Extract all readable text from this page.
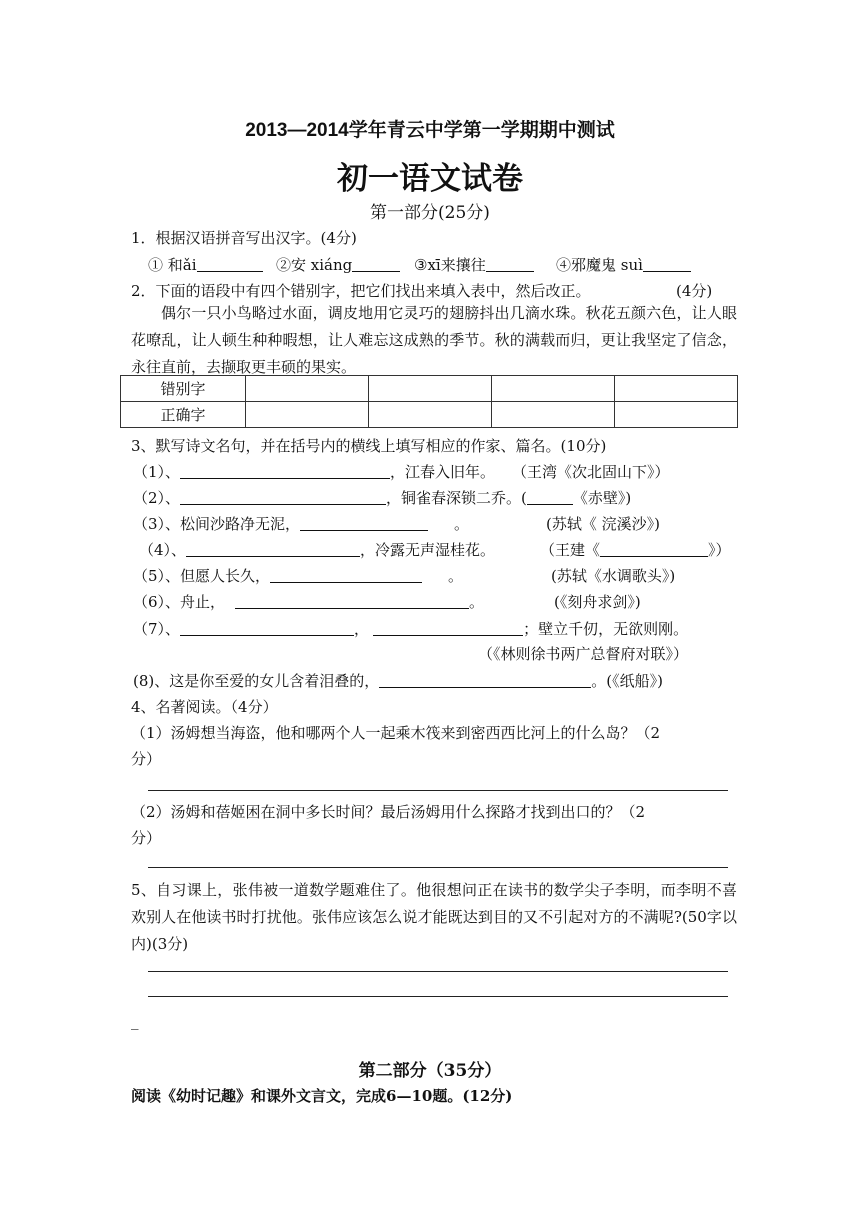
2013—2014学年青云中学第一学期期中测试
初一语文试卷
第一部分(25分)
1．根据汉语拼音写出汉字。(4分)
① 和ǎi	②安 xiáng	③xī来攘往	④邪魔鬼 suì
2．下面的语段中有四个错别字，把它们找出来填入表中，然后改正。	(4分)
偶尔一只小鸟略过水面，调皮地用它灵巧的翅膀抖出几滴水珠。秋花五颜六色，让人眼花嘹乱，让人顿生种种暇想，让人难忘这成熟的季节。秋的满载而归，更让我坚定了信念，永往直前，去撷取更丰硕的果实。
错别字				
正确字				
3、默写诗文名句，并在括号内的横线上填写相应的作家、篇名。(10分)
（1）、	，江春入旧年。 （王湾《次北固山下》）
（2）、	，铜雀春深锁二乔。(	《赤壁》)
（3）、松间沙路净无泥，	。	(苏轼《 浣溪沙》)
（4）、	，冷露无声湿桂花。	（王建《	》）
（5）、但愿人长久，	。	(苏轼《水调歌头》)
（6）、舟止，	。	(《刻舟求剑》)
（7）、	，	；壁立千仞，无欲则刚。
（《林则徐书两广总督府对联》）
(8)、这是你至爱的女儿含着泪叠的，	。(《纸船》)
4、名著阅读。（4分）
（1）汤姆想当海盗，他和哪两个人一起乘木筏来到密西西比河上的什么岛？（2
分）
（2）汤姆和蓓姬困在洞中多长时间？最后汤姆用什么探路才找到出口的？（2
分）
5、自习课上，张伟被一道数学题难住了。他很想问正在读书的数学尖子李明，而李明不喜欢别人在他读书时打扰他。张伟应该怎么说才能既达到目的又不引起对方的不满呢?(50字以内)(3分)
_
第二部分（35分）
阅读《幼时记趣》和课外文言文，完成6—10题。(12分)
